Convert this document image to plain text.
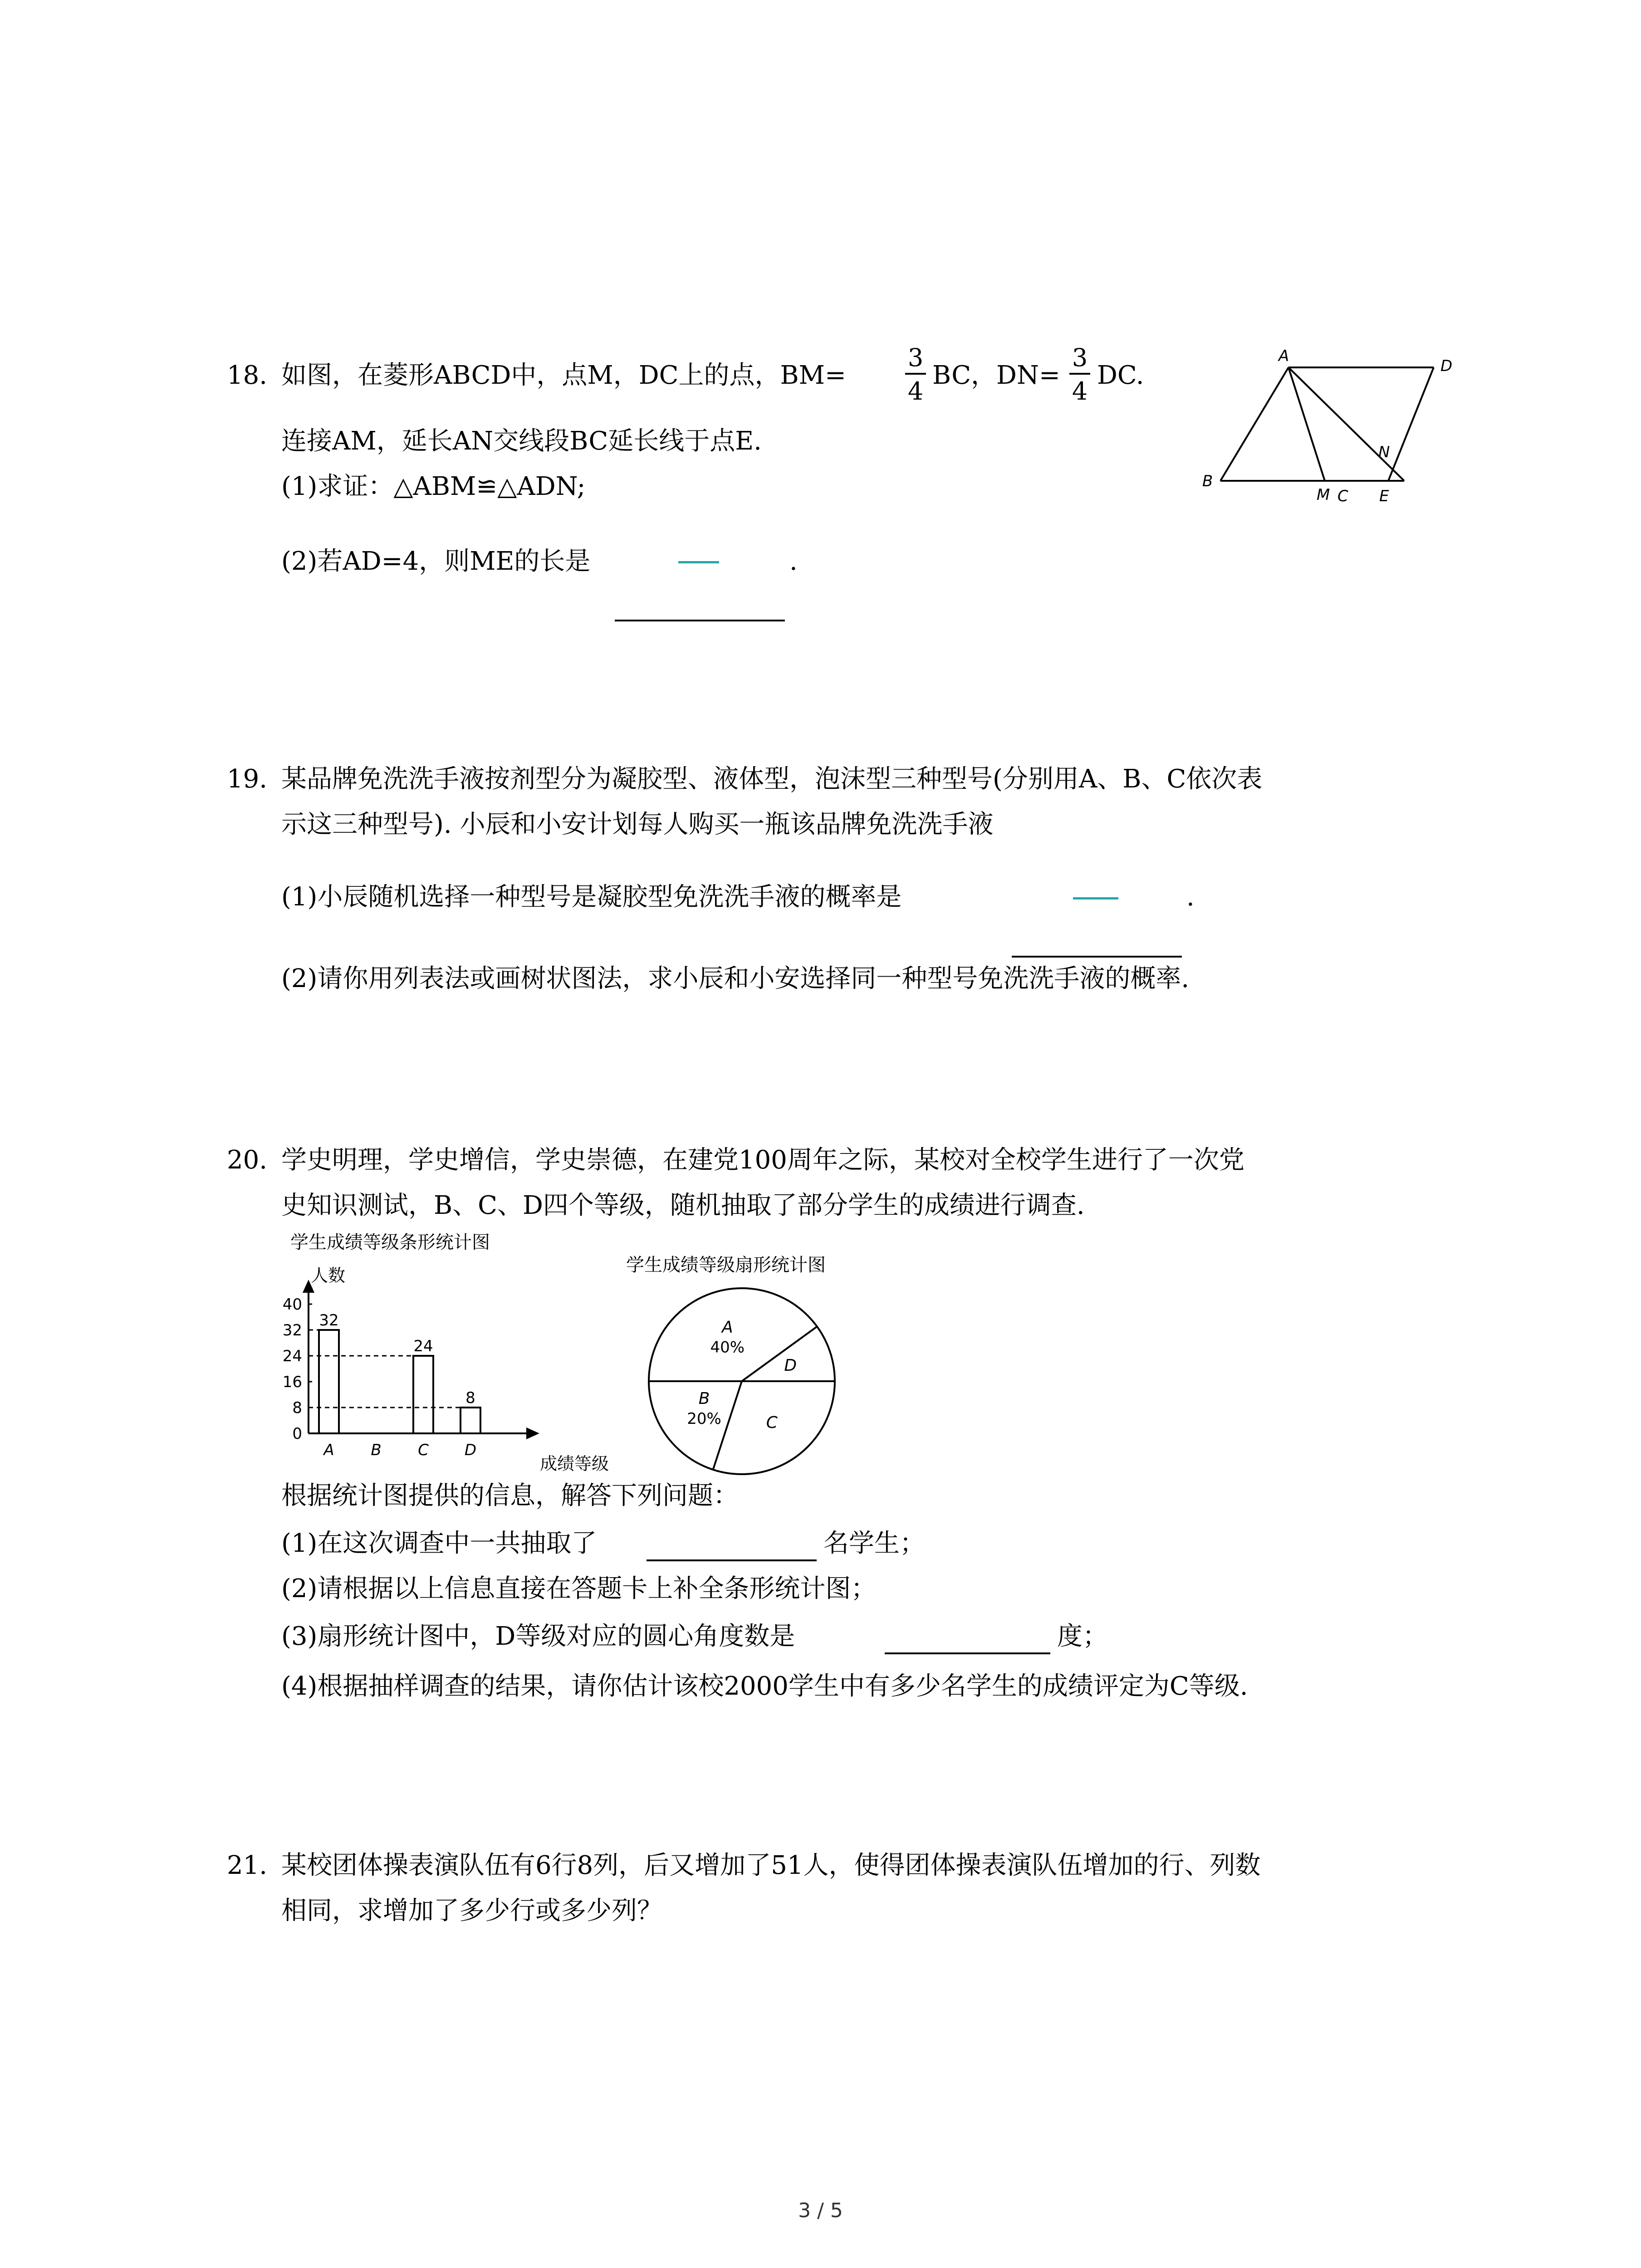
18. 如图，在菱形ABCD中，点M，DC上的点，BM=
3
4
BC，DN=
3
4
DC.
连接AM，延长AN交线段BC延长线于点E.
(1)求证：△ABM≌△ADN;
(2)若AD=4，则ME的长是	.
A
D
B
M C E
N
19. 某品牌免洗洗手液按剂型分为凝胶型、液体型，泡沫型三种型号(分别用A、B、C依次表
示这三种型号). 小辰和小安计划每人购买一瓶该品牌免洗洗手液
(1)小辰随机选择一种型号是凝胶型免洗洗手液的概率是	.
(2)请你用列表法或画树状图法，求小辰和小安选择同一种型号免洗洗手液的概率.
20. 学史明理，学史增信，学史崇德，在建党100周年之际，某校对全校学生进行了一次党
史知识测试，B、C、D四个等级，随机抽取了部分学生的成绩进行调查.
学生成绩等级条形统计图
人数
成绩等级
0
8
16
24
32
40
A
32
B C
24
D
8
学生成绩等级扇形统计图
A
40%
D
C
B
20%
根据统计图提供的信息，解答下列问题：
(1)在这次调查中一共抽取了	名学生；
(2)请根据以上信息直接在答题卡上补全条形统计图；
(3)扇形统计图中，D等级对应的圆心角度数是	度；
(4)根据抽样调查的结果，请你估计该校2000学生中有多少名学生的成绩评定为C等级.
21. 某校团体操表演队伍有6行8列，后又增加了51人，使得团体操表演队伍增加的行、列数
相同，求增加了多少行或多少列？
3 / 5
